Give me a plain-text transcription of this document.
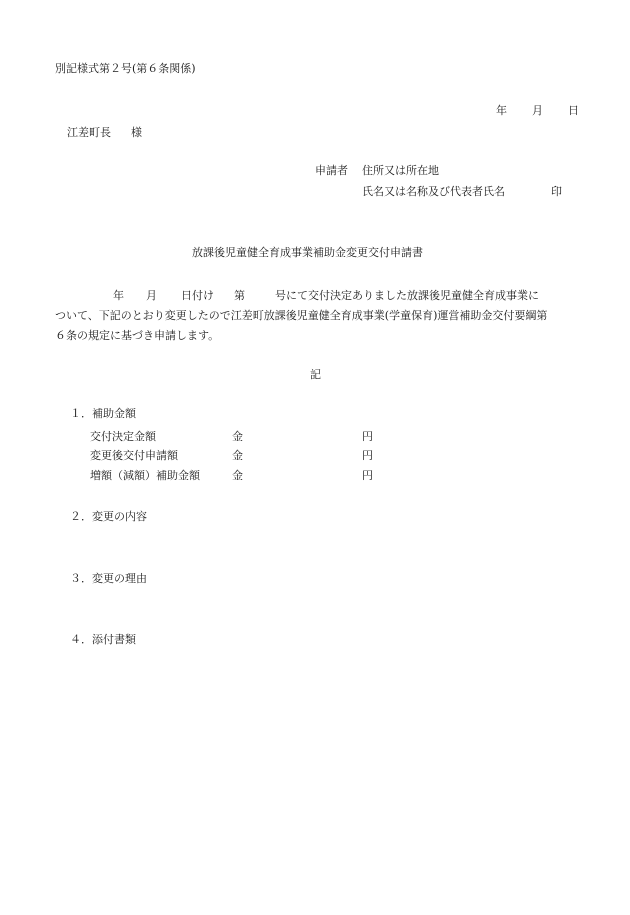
別記様式第２号(第６条関係)
年 月 日
江差町長 様
申請者 住所又は所在地
氏名又は名称及び代表者氏名	印
放課後児童健全育成事業補助金変更交付申請書
年 月 日付け 第	号にて交付決定ありました放課後児童健全育成事業に
ついて、下記のとおり変更したので江差町放課後児童健全育成事業(学童保育)運営補助金交付要綱第
６条の規定に基づき申請します。
記
１．補助金額
交付決定金額	金	円
変更後交付申請額	金	円
増額（減額）補助金額	金	円
２．変更の内容
３．変更の理由
４．添付書類
